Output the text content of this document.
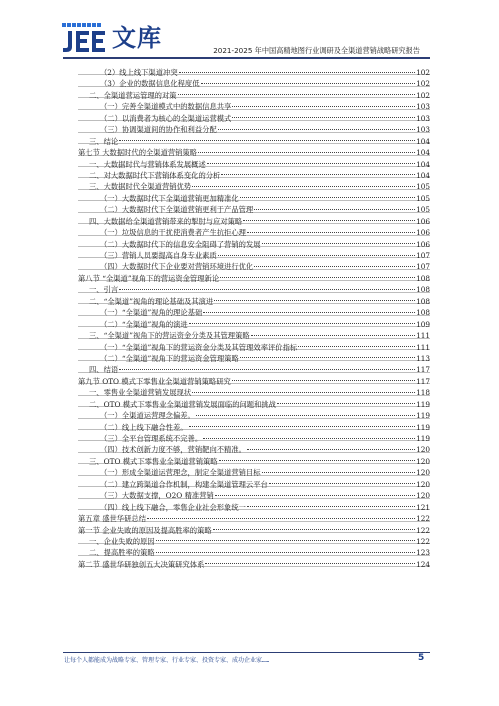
文库	2021-2025 年中国高精地图行业调研及全渠道营销战略研究报告
（2）线上线下渠道冲突	102
（3）企业的数据信息化程度低	102
二、全渠道营运管理的对策	102
（一）完善全渠道模式中的数据信息共享	103
（二）以消费者为核心的全渠道运营模式	103
（三）协调渠道间的协作和利益分配	103
三、结论	104
第七节 大数据时代的全渠道营销策略	104
一、大数据时代与营销体系发展概述	104
二、对大数据时代下营销体系变化的分析	104
三、大数据时代全渠道营销优势	105
（一）大数据时代下全渠道营销更加精准化	105
（二）大数据时代下全渠道营销更利于产品管理	105
四、大数据给全渠道营销带来的掣肘与应对策略	106
（一）垃圾信息的干扰使消费者产生抗拒心理	106
（二）大数据时代下的信息安全阻碍了营销的发展	106
（三）营销人员要提高自身专业素质	107
（四）大数据时代下企业要对营销环境进行优化	107
第八节 “全渠道”视角下的营运资金管理新论	108
一、引言	108
二、“全渠道”视角的理论基础及其演进	108
（一）“全渠道”视角的理论基础	108
（二）“全渠道”视角的演进	109
三、“全渠道”视角下的营运资金分类及其管理策略	111
（一）“全渠道”视角下的营运资金分类及其管理效率评价指标	111
（二）“全渠道”视角下的营运资金管理策略	113
四、结语	117
第九节 OTO 模式下零售业全渠道营销策略研究	117
一、零售业全渠道营销发展现状	118
二、OTO 模式下零售业全渠道营销发展面临的问题和挑战	119
（一）全渠道运营理念偏差。	119
（二）线上线下融合性差。	119
（三）全平台管理系统不完善。	119
（四）技术创新力度不够，营销靶向不精准。	120
三、OTO 模式下零售业全渠道营销策略	120
（一）形成全渠道运营理念，制定全渠道营销目标	120
（二）建立跨渠道合作机制，构建全渠道管理云平台	120
（三）大数据支撑，O2O 精准营销	120
（四）线上线下融合，零售企业社会形象统一	121
第五章 盛世华研总结	122
第一节 企业失败的原因及提高胜率的策略	122
一、企业失败的原因	122
二、提高胜率的策略	123
第二节 盛世华研独创五大决策研究体系	124
让每个人都能成为战略专家、管理专家、行业专家、投资专家、成功企业家……	5
